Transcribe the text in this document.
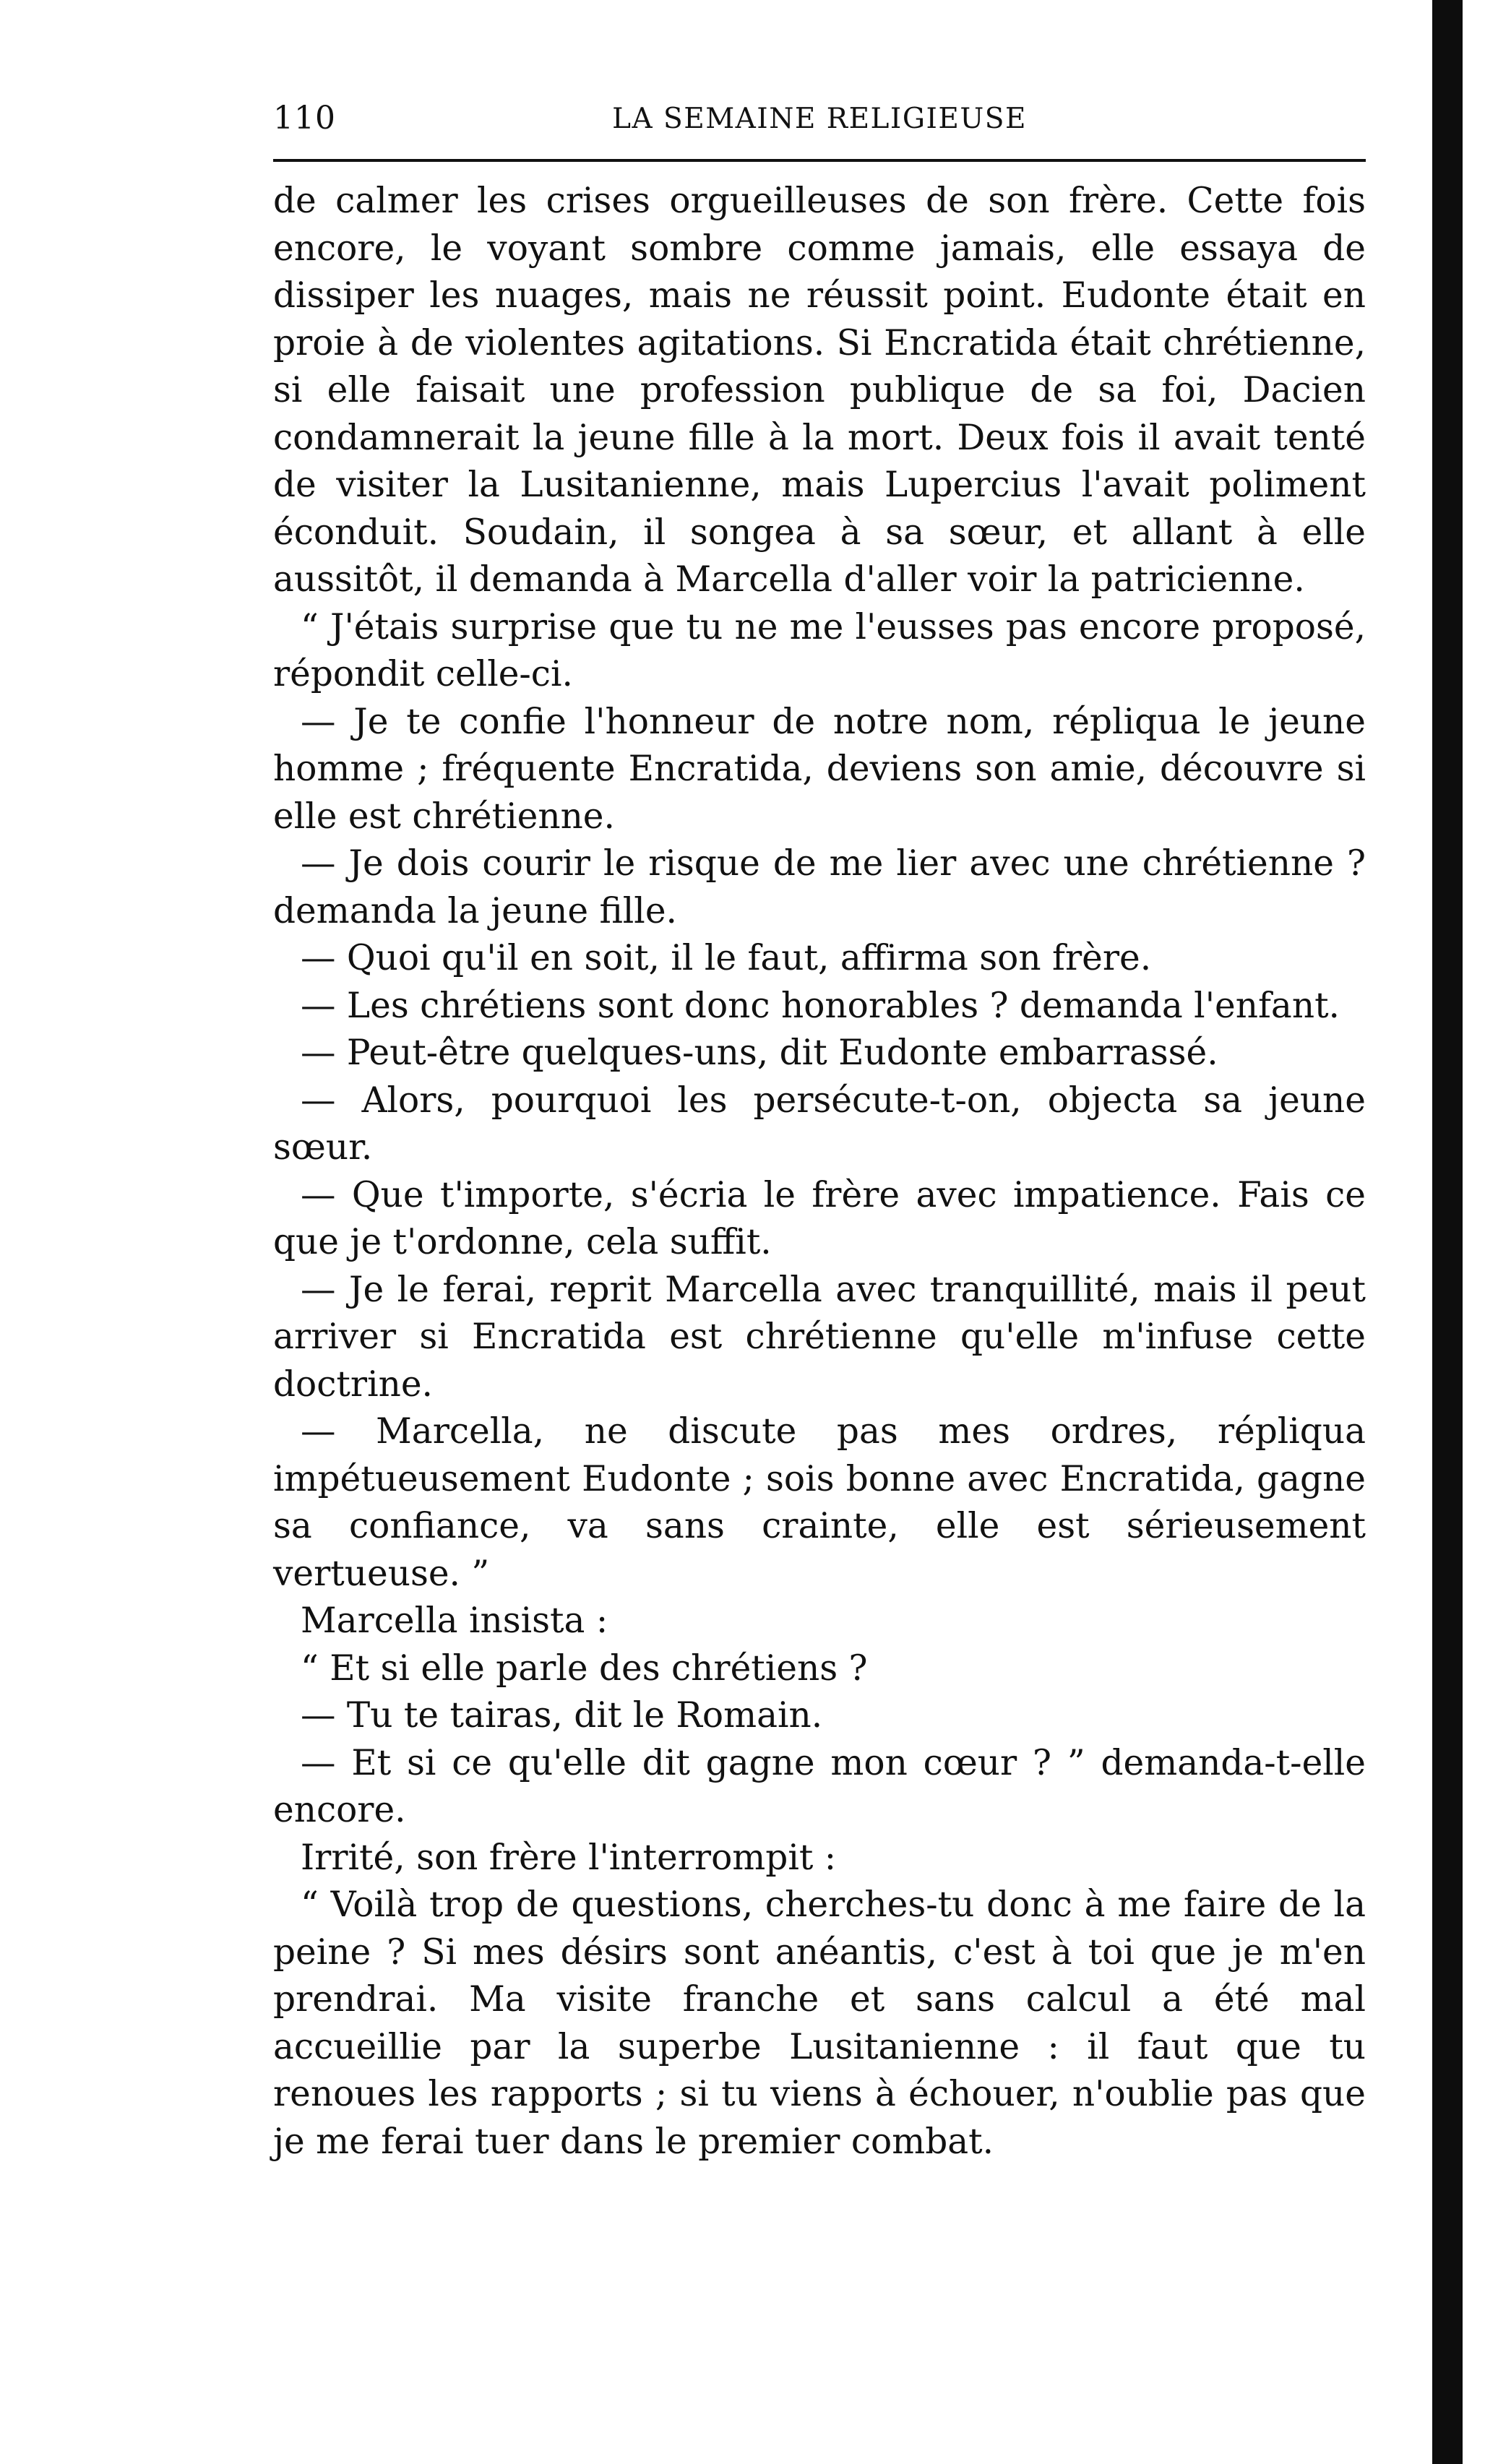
110	LA SEMAINE RELIGIEUSE

de calmer les crises orgueilleuses de son frère. Cette fois encore, le voyant sombre comme jamais, elle essaya de dissiper les nuages, mais ne réussit point. Eudonte était en proie à de violentes agitations. Si Encratida était chrétienne, si elle faisait une profession publique de sa foi, Dacien condamnerait la jeune fille à la mort. Deux fois il avait tenté de visiter la Lusitanienne, mais Lupercius l'avait poliment éconduit. Soudain, il songea à sa sœur, et allant à elle aussitôt, il demanda à Marcella d'aller voir la patricienne.

“ J'étais surprise que tu ne me l'eusses pas encore proposé, répondit celle-ci.

— Je te confie l'honneur de notre nom, répliqua le jeune homme ; fréquente Encratida, deviens son amie, découvre si elle est chrétienne.

— Je dois courir le risque de me lier avec une chrétienne ? demanda la jeune fille.

— Quoi qu'il en soit, il le faut, affirma son frère.

— Les chrétiens sont donc honorables ? demanda l'enfant.

— Peut-être quelques-uns, dit Eudonte embarrassé.

— Alors, pourquoi les persécute-t-on, objecta sa jeune sœur.

— Que t'importe, s'écria le frère avec impatience. Fais ce que je t'ordonne, cela suffit.

— Je le ferai, reprit Marcella avec tranquillité, mais il peut arriver si Encratida est chrétienne qu'elle m'infuse cette doctrine.

— Marcella, ne discute pas mes ordres, répliqua impétueusement Eudonte ; sois bonne avec Encratida, gagne sa confiance, va sans crainte, elle est sérieusement vertueuse. ”

Marcella insista :

“ Et si elle parle des chrétiens ?

— Tu te tairas, dit le Romain.

— Et si ce qu'elle dit gagne mon cœur ? ” demanda-t-elle encore.

Irrité, son frère l'interrompit :

“ Voilà trop de questions, cherches-tu donc à me faire de la peine ? Si mes désirs sont anéantis, c'est à toi que je m'en prendrai. Ma visite franche et sans calcul a été mal accueillie par la superbe Lusitanienne : il faut que tu renoues les rapports ; si tu viens à échouer, n'oublie pas que je me ferai tuer dans le premier combat.
